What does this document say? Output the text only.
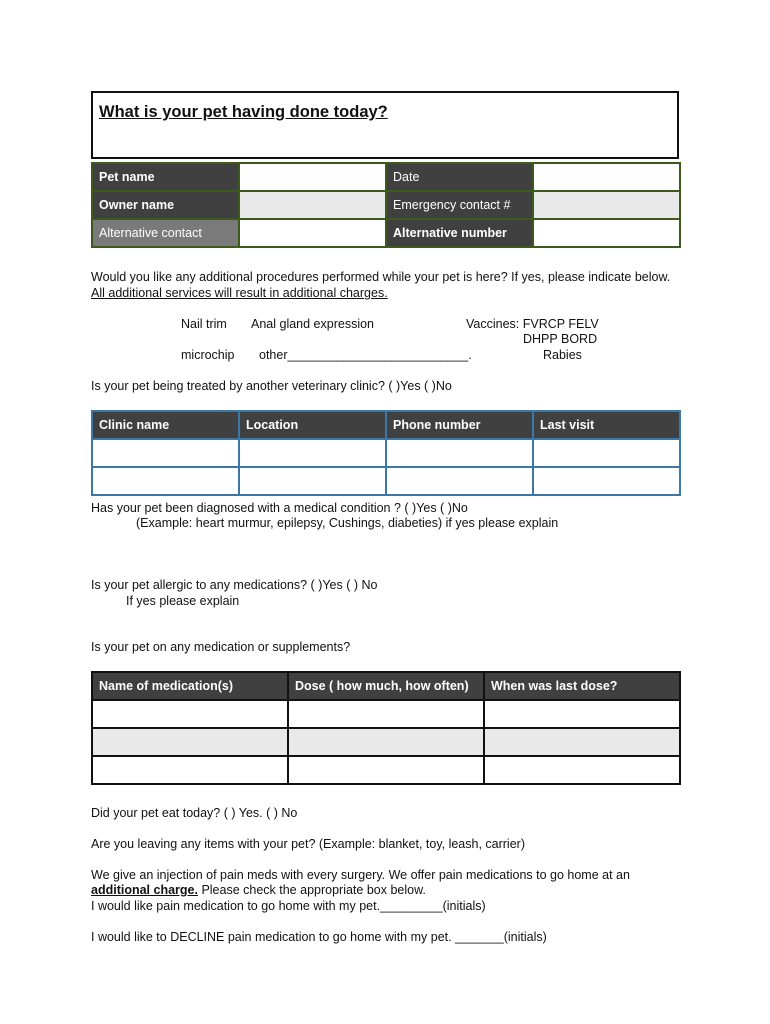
What is your pet having done today?
Pet name		Date	
Owner name		Emergency contact #	
Alternative contact		Alternative number	
Would you like any additional procedures performed while your pet is here? If yes, please indicate below.
All additional services will result in additional charges.
Nail trim Anal gland expression	Vaccines: FVRCP FELV
DHPP BORD
microchip other__________________________.	Rabies
Is your pet being treated by another veterinary clinic? ( )Yes ( )No
Clinic name	Location	Phone number	Last visit

Has your pet been diagnosed with a medical condition ? ( )Yes ( )No
(Example: heart murmur, epilepsy, Cushings, diabeties) if yes please explain
Is your pet allergic to any medications? ( )Yes ( ) No
If yes please explain
Is your pet on any medication or supplements?
Name of medication(s)	Dose ( how much, how often)	When was last dose?

Did your pet eat today? ( ) Yes. ( ) No
Are you leaving any items with your pet? (Example: blanket, toy, leash, carrier)
We give an injection of pain meds with every surgery. We offer pain medications to go home at an
additional charge. Please check the appropriate box below.
I would like pain medication to go home with my pet._________(initials)
I would like to DECLINE pain medication to go home with my pet. _______(initials)
